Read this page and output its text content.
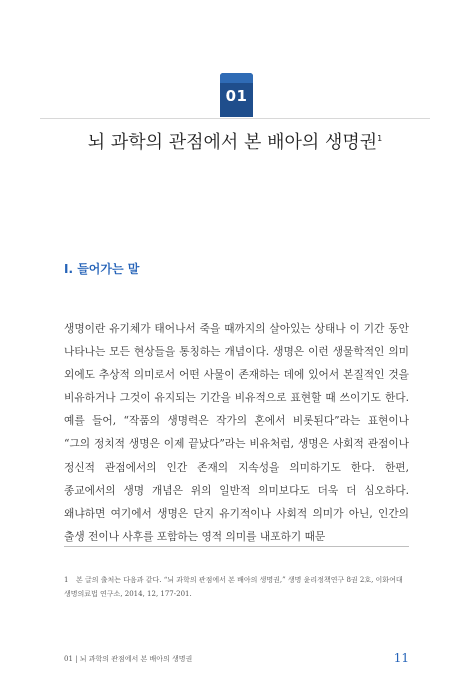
01
뇌 과학의 관점에서 본 배아의 생명권$^1$
I. 들어가는 말
생명이란 유기체가 태어나서 죽을 때까지의 살아있는 상태나 이 기간 동안 나타나는 모든 현상들을 통칭하는 개념이다. 생명은 이런 생물학적인 의미 외에도 추상적 의미로서 어떤 사물이 존재하는 데에 있어서 본질적인 것을 비유하거나 그것이 유지되는 기간을 비유적으로 표현할 때 쓰이기도 한다. 예를 들어, “작품의 생명력은 작가의 혼에서 비롯된다”라는 표현이나 “그의 정치적 생명은 이제 끝났다”라는 비유처럼, 생명은 사회적 관점이나 정신적 관점에서의 인간 존재의 지속성을 의미하기도 한다. 한편, 종교에서의 생명 개념은 위의 일반적 의미보다도 더욱 더 심오하다. 왜냐하면 여기에서 생명은 단지 유기적이나 사회적 의미가 아닌, 인간의 출생 전이나 사후를 포함하는 영적 의미를 내포하기 때문
1 본 글의 출처는 다음과 같다. “뇌 과학의 관점에서 본 배아의 생명권,” 생명 윤리정책연구 8권 2호, 이화여대 생명의료법 연구소, 2014, 12, 177-201.
01 | 뇌 과학의 관점에서 본 배아의 생명권	11
